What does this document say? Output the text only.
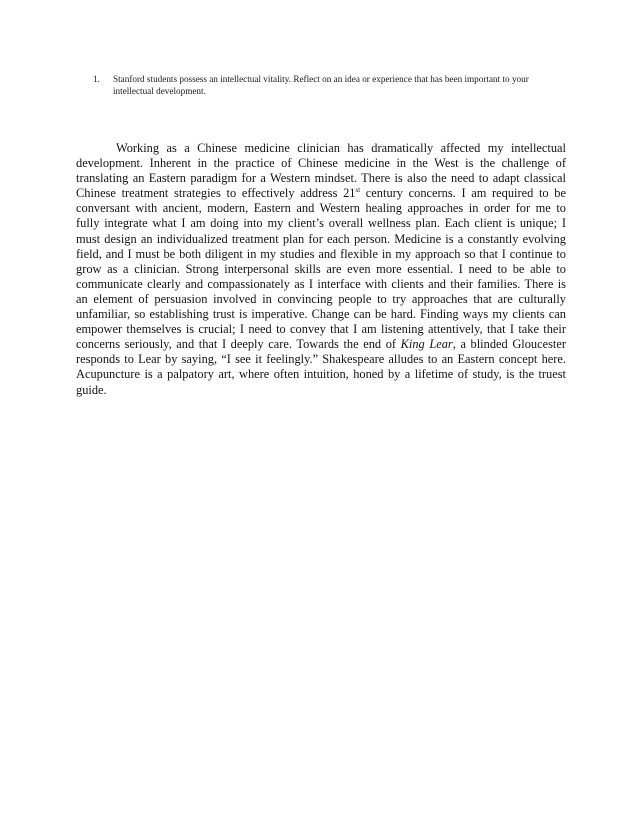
1.	Stanford students possess an intellectual vitality. Reflect on an idea or experience that has been important to your intellectual development.
Working as a Chinese medicine clinician has dramatically affected my intellectual
development. Inherent in the practice of Chinese medicine in the West is the challenge of
translating an Eastern paradigm for a Western mindset. There is also the need to adapt classical
Chinese treatment strategies to effectively address 21st century concerns. I am required to be
conversant with ancient, modern, Eastern and Western healing approaches in order for me to
fully integrate what I am doing into my client’s overall wellness plan. Each client is unique; I
must design an individualized treatment plan for each person. Medicine is a constantly evolving
field, and I must be both diligent in my studies and flexible in my approach so that I continue to
grow as a clinician. Strong interpersonal skills are even more essential. I need to be able to
communicate clearly and compassionately as I interface with clients and their families. There is
an element of persuasion involved in convincing people to try approaches that are culturally
unfamiliar, so establishing trust is imperative. Change can be hard. Finding ways my clients can
empower themselves is crucial; I need to convey that I am listening attentively, that I take their
concerns seriously, and that I deeply care. Towards the end of King Lear, a blinded Gloucester
responds to Lear by saying, “I see it feelingly.” Shakespeare alludes to an Eastern concept here.
Acupuncture is a palpatory art, where often intuition, honed by a lifetime of study, is the truest
guide.
